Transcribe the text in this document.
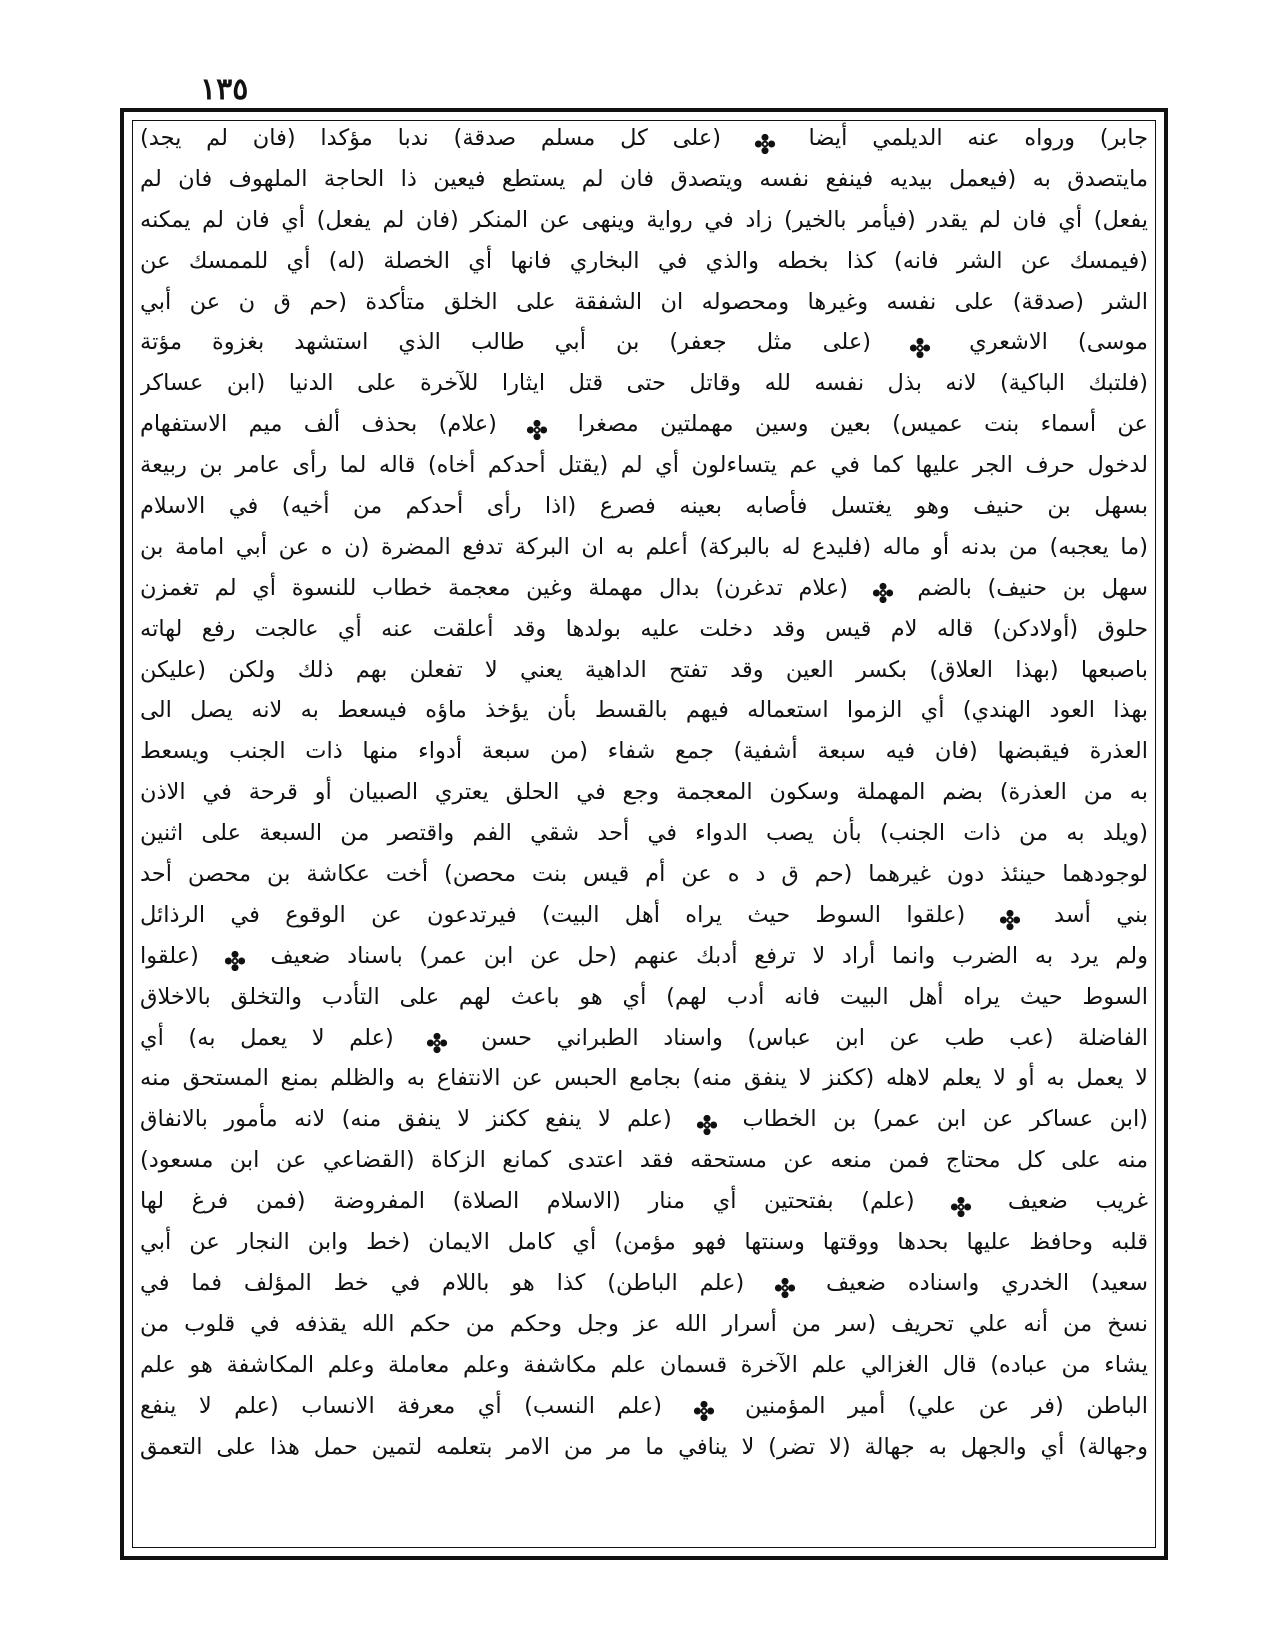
١٣٥
جابر) ورواه عنه الديلمي أيضا  (على كل مسلم صدقة) ندبا مؤكدا (فان لم يجد)
مايتصدق به (فيعمل بيديه فينفع نفسه ويتصدق فان لم يستطع فيعين ذا الحاجة الملهوف فان لم
يفعل) أي فان لم يقدر (فيأمر بالخير) زاد في رواية وينهى عن المنكر (فان لم يفعل) أي فان لم يمكنه
(فيمسك عن الشر فانه) كذا بخطه والذي في البخاري فانها أي الخصلة (له) أي للممسك عن
الشر (صدقة) على نفسه وغيرها ومحصوله ان الشفقة على الخلق متأكدة (حم ق ن عن أبي
موسى) الاشعري  (على مثل جعفر) بن أبي طالب الذي استشهد بغزوة مؤتة
(فلتبك الباكية) لانه بذل نفسه لله وقاتل حتى قتل ايثارا للآخرة على الدنيا (ابن عساكر
عن أسماء بنت عميس) بعين وسين مهملتين مصغرا  (علام) بحذف ألف ميم الاستفهام
لدخول حرف الجر عليها كما في عم يتساءلون أي لم (يقتل أحدكم أخاه) قاله لما رأى عامر بن ربيعة
بسهل بن حنيف وهو يغتسل فأصابه بعينه فصرع (اذا رأى أحدكم من أخيه) في الاسلام
(ما يعجبه) من بدنه أو ماله (فليدع له بالبركة) أعلم به ان البركة تدفع المضرة (ن ه عن أبي امامة بن
سهل بن حنيف) بالضم  (علام تدغرن) بدال مهملة وغين معجمة خطاب للنسوة أي لم تغمزن
حلوق (أولادكن) قاله لام قيس وقد دخلت عليه بولدها وقد أعلقت عنه أي عالجت رفع لهاته
باصبعها (بهذا العلاق) بكسر العين وقد تفتح الداهية يعني لا تفعلن بهم ذلك ولكن (عليكن
بهذا العود الهندي) أي الزموا استعماله فيهم بالقسط بأن يؤخذ ماؤه فيسعط به لانه يصل الى
العذرة فيقبضها (فان فيه سبعة أشفية) جمع شفاء (من سبعة أدواء منها ذات الجنب ويسعط
به من العذرة) بضم المهملة وسكون المعجمة وجع في الحلق يعتري الصبيان أو قرحة في الاذن
(ويلد به من ذات الجنب) بأن يصب الدواء في أحد شقي الفم واقتصر من السبعة على اثنين
لوجودهما حينئذ دون غيرهما (حم ق د ه عن أم قيس بنت محصن) أخت عكاشة بن محصن أحد
بني أسد  (علقوا السوط حيث يراه أهل البيت) فيرتدعون عن الوقوع في الرذائل
ولم يرد به الضرب وانما أراد لا ترفع أدبك عنهم (حل عن ابن عمر) باسناد ضعيف  (علقوا
السوط حيث يراه أهل البيت فانه أدب لهم) أي هو باعث لهم على التأدب والتخلق بالاخلاق
الفاضلة (عب طب عن ابن عباس) واسناد الطبراني حسن  (علم لا يعمل به) أي
لا يعمل به أو لا يعلم لاهله (ككنز لا ينفق منه) بجامع الحبس عن الانتفاع به والظلم بمنع المستحق منه
(ابن عساكر عن ابن عمر) بن الخطاب  (علم لا ينفع ككنز لا ينفق منه) لانه مأمور بالانفاق
منه على كل محتاج فمن منعه عن مستحقه فقد اعتدى كمانع الزكاة (القضاعي عن ابن مسعود)
غريب ضعيف  (علم) بفتحتين أي منار (الاسلام الصلاة) المفروضة (فمن فرغ لها
قلبه وحافظ عليها بحدها ووقتها وسنتها فهو مؤمن) أي كامل الايمان (خط وابن النجار عن أبي
سعيد) الخدري واسناده ضعيف  (علم الباطن) كذا هو باللام في خط المؤلف فما في
نسخ من أنه علي تحريف (سر من أسرار الله عز وجل وحكم من حكم الله يقذفه في قلوب من
يشاء من عباده) قال الغزالي علم الآخرة قسمان علم مكاشفة وعلم معاملة وعلم المكاشفة هو علم
الباطن (فر عن علي) أمير المؤمنين  (علم النسب) أي معرفة الانساب (علم لا ينفع
وجهالة) أي والجهل به جهالة (لا تضر) لا ينافي ما مر من الامر بتعلمه لتمين حمل هذا على التعمق
